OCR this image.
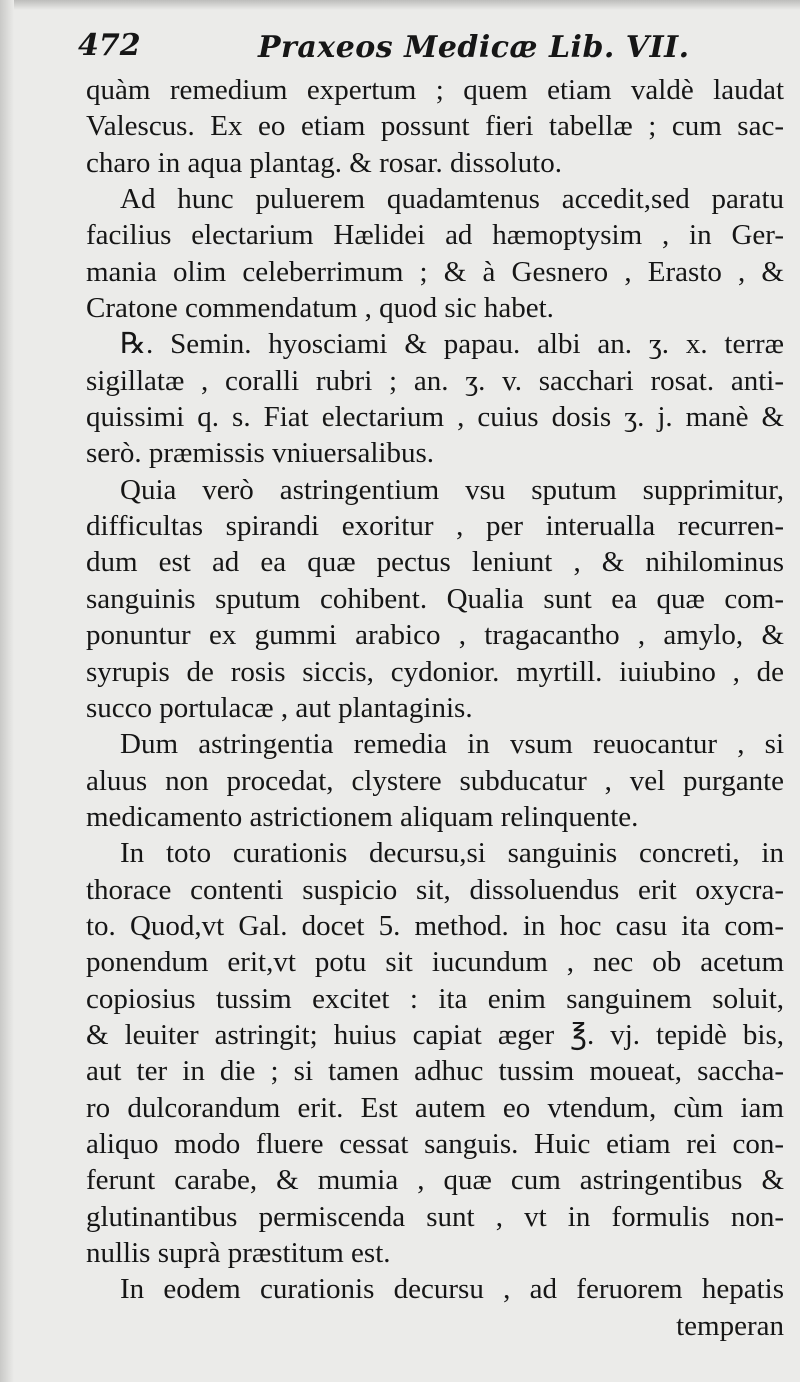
472	Praxeos Medicæ Lib. VII.
quàm remedium expertum ; quem etiam valdè laudat
Valescus. Ex eo etiam possunt fieri tabellæ ; cum sac-
charo in aqua plantag. & rosar. dissoluto.
Ad hunc puluerem quadamtenus accedit,sed paratu
facilius electarium Hælidei ad hæmoptysim , in Ger-
mania olim celeberrimum ; & à Gesnero , Erasto , &
Cratone commendatum , quod sic habet.
℞. Semin. hyosciami & papau. albi an. ʒ. x. terræ
sigillatæ , coralli rubri ; an. ʒ. v. sacchari rosat. anti-
quissimi q. s. Fiat electarium , cuius dosis ʒ. j. manè &
serò. præmissis vniuersalibus.
Quia verò astringentium vsu sputum supprimitur,
difficultas spirandi exoritur , per interualla recurren-
dum est ad ea quæ pectus leniunt , & nihilominus
sanguinis sputum cohibent. Qualia sunt ea quæ com-
ponuntur ex gummi arabico , tragacantho , amylo, &
syrupis de rosis siccis, cydonior. myrtill. iuiubino , de
succo portulacæ , aut plantaginis.
Dum astringentia remedia in vsum reuocantur , si
aluus non procedat, clystere subducatur , vel purgante
medicamento astrictionem aliquam relinquente.
In toto curationis decursu,si sanguinis concreti, in
thorace contenti suspicio sit, dissoluendus erit oxycra-
to. Quod,vt Gal. docet 5. method. in hoc casu ita com-
ponendum erit,vt potu sit iucundum , nec ob acetum
copiosius tussim excitet : ita enim sanguinem soluit,
& leuiter astringit; huius capiat æger ℥. vj. tepidè bis,
aut ter in die ; si tamen adhuc tussim moueat, saccha-
ro dulcorandum erit. Est autem eo vtendum, cùm iam
aliquo modo fluere cessat sanguis. Huic etiam rei con-
ferunt carabe, & mumia , quæ cum astringentibus &
glutinantibus permiscenda sunt , vt in formulis non-
nullis suprà præstitum est.
In eodem curationis decursu , ad feruorem hepatis
temperan
